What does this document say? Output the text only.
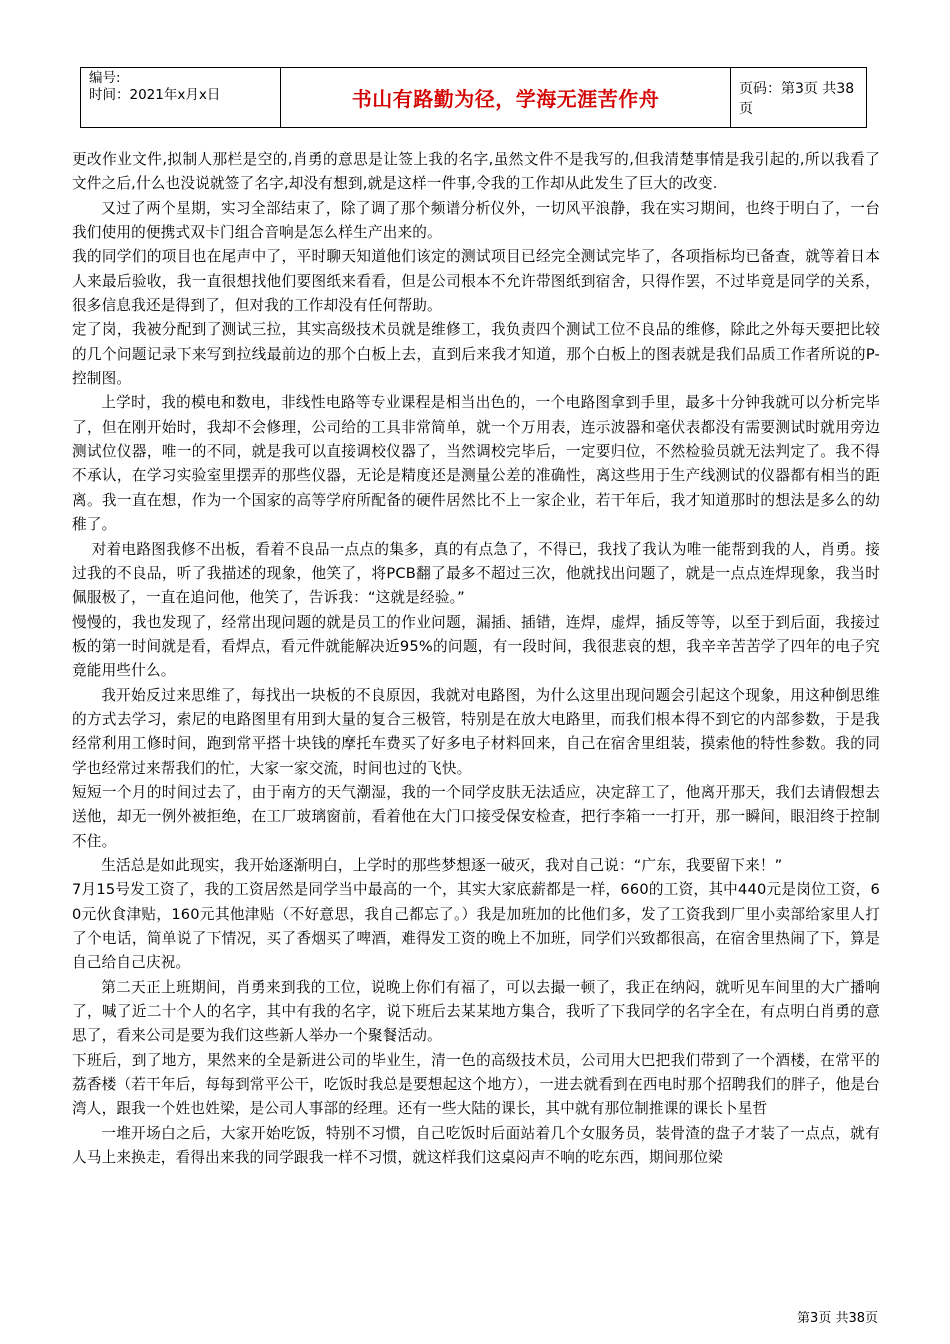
编号:
时间：2021年x月x日	书山有路勤为径，学海无涯苦作舟	页码：第3页 共38页

更改作业文件,拟制人那栏是空的,肖勇的意思是让签上我的名字,虽然文件不是我写的,但我清楚事情是我引起的,所以我看了文件之后,什么也没说就签了名字,却没有想到,就是这样一件事,令我的工作却从此发生了巨大的改变.

又过了两个星期，实习全部结束了，除了调了那个频谱分析仪外，一切风平浪静，我在实习期间，也终于明白了，一台我们使用的便携式双卡门组合音响是怎么样生产出来的。

我的同学们的项目也在尾声中了，平时聊天知道他们该定的测试项目已经完全测试完毕了，各项指标均已备查，就等着日本人来最后验收，我一直很想找他们要图纸来看看，但是公司根本不允许带图纸到宿舍，只得作罢，不过毕竟是同学的关系，很多信息我还是得到了，但对我的工作却没有任何帮助。

定了岗，我被分配到了测试三拉，其实高级技术员就是维修工，我负责四个测试工位不良品的维修，除此之外每天要把比较的几个问题记录下来写到拉线最前边的那个白板上去，直到后来我才知道，那个白板上的图表就是我们品质工作者所说的P-控制图。

上学时，我的模电和数电，非线性电路等专业课程是相当出色的，一个电路图拿到手里，最多十分钟我就可以分析完毕了，但在刚开始时，我却不会修理，公司给的工具非常简单，就一个万用表，连示波器和毫伏表都没有需要测试时就用旁边测试位仪器，唯一的不同，就是我可以直接调校仪器了，当然调校完毕后，一定要归位，不然检验员就无法判定了。我不得不承认，在学习实验室里摆弄的那些仪器，无论是精度还是测量公差的准确性，离这些用于生产线测试的仪器都有相当的距离。我一直在想，作为一个国家的高等学府所配备的硬件居然比不上一家企业，若干年后，我才知道那时的想法是多么的幼稚了。

对着电路图我修不出板，看着不良品一点点的集多，真的有点急了，不得已，我找了我认为唯一能帮到我的人，肖勇。接过我的不良品，听了我描述的现象，他笑了，将PCB翻了最多不超过三次，他就找出问题了，就是一点点连焊现象，我当时佩服极了，一直在追问他，他笑了，告诉我：“这就是经验。”

慢慢的，我也发现了，经常出现问题的就是员工的作业问题，漏插、插错，连焊，虚焊，插反等等，以至于到后面，我接过板的第一时间就是看，看焊点，看元件就能解决近95%的问题，有一段时间，我很悲哀的想，我辛辛苦苦学了四年的电子究竟能用些什么。

我开始反过来思维了，每找出一块板的不良原因，我就对电路图，为什么这里出现问题会引起这个现象，用这种倒思维的方式去学习，索尼的电路图里有用到大量的复合三极管，特别是在放大电路里，而我们根本得不到它的内部参数，于是我经常利用工修时间，跑到常平搭十块钱的摩托车费买了好多电子材料回来，自己在宿舍里组装，摸索他的特性参数。我的同学也经常过来帮我们的忙，大家一家交流，时间也过的飞快。

短短一个月的时间过去了，由于南方的天气潮湿，我的一个同学皮肤无法适应，决定辞工了，他离开那天，我们去请假想去送他，却无一例外被拒绝，在工厂玻璃窗前，看着他在大门口接受保安检查，把行李箱一一打开，那一瞬间，眼泪终于控制不住。

生活总是如此现实，我开始逐渐明白，上学时的那些梦想逐一破灭，我对自己说：“广东，我要留下来！”

7月15号发工资了，我的工资居然是同学当中最高的一个，其实大家底薪都是一样，660的工资，其中440元是岗位工资，60元伙食津贴，160元其他津贴（不好意思，我自己都忘了。）我是加班加的比他们多，发了工资我到厂里小卖部给家里人打了个电话，简单说了下情况，买了香烟买了啤酒，难得发工资的晚上不加班，同学们兴致都很高，在宿舍里热闹了下，算是自己给自己庆祝。

第二天正上班期间，肖勇来到我的工位，说晚上你们有福了，可以去撮一顿了，我正在纳闷，就听见车间里的大广播响了，喊了近二十个人的名字，其中有我的名字，说下班后去某某地方集合，我听了下我同学的名字全在，有点明白肖勇的意思了，看来公司是要为我们这些新人举办一个聚餐活动。

下班后，到了地方，果然来的全是新进公司的毕业生，清一色的高级技术员，公司用大巴把我们带到了一个酒楼，在常平的荔香楼（若干年后，每每到常平公干，吃饭时我总是要想起这个地方），一进去就看到在西电时那个招聘我们的胖子，他是台湾人，跟我一个姓也姓梁，是公司人事部的经理。还有一些大陆的课长，其中就有那位制推课的课长卜星哲

一堆开场白之后，大家开始吃饭，特别不习惯，自己吃饭时后面站着几个女服务员，装骨渣的盘子才装了一点点，就有人马上来换走，看得出来我的同学跟我一样不习惯，就这样我们这桌闷声不响的吃东西，期间那位梁

第3页 共38页
